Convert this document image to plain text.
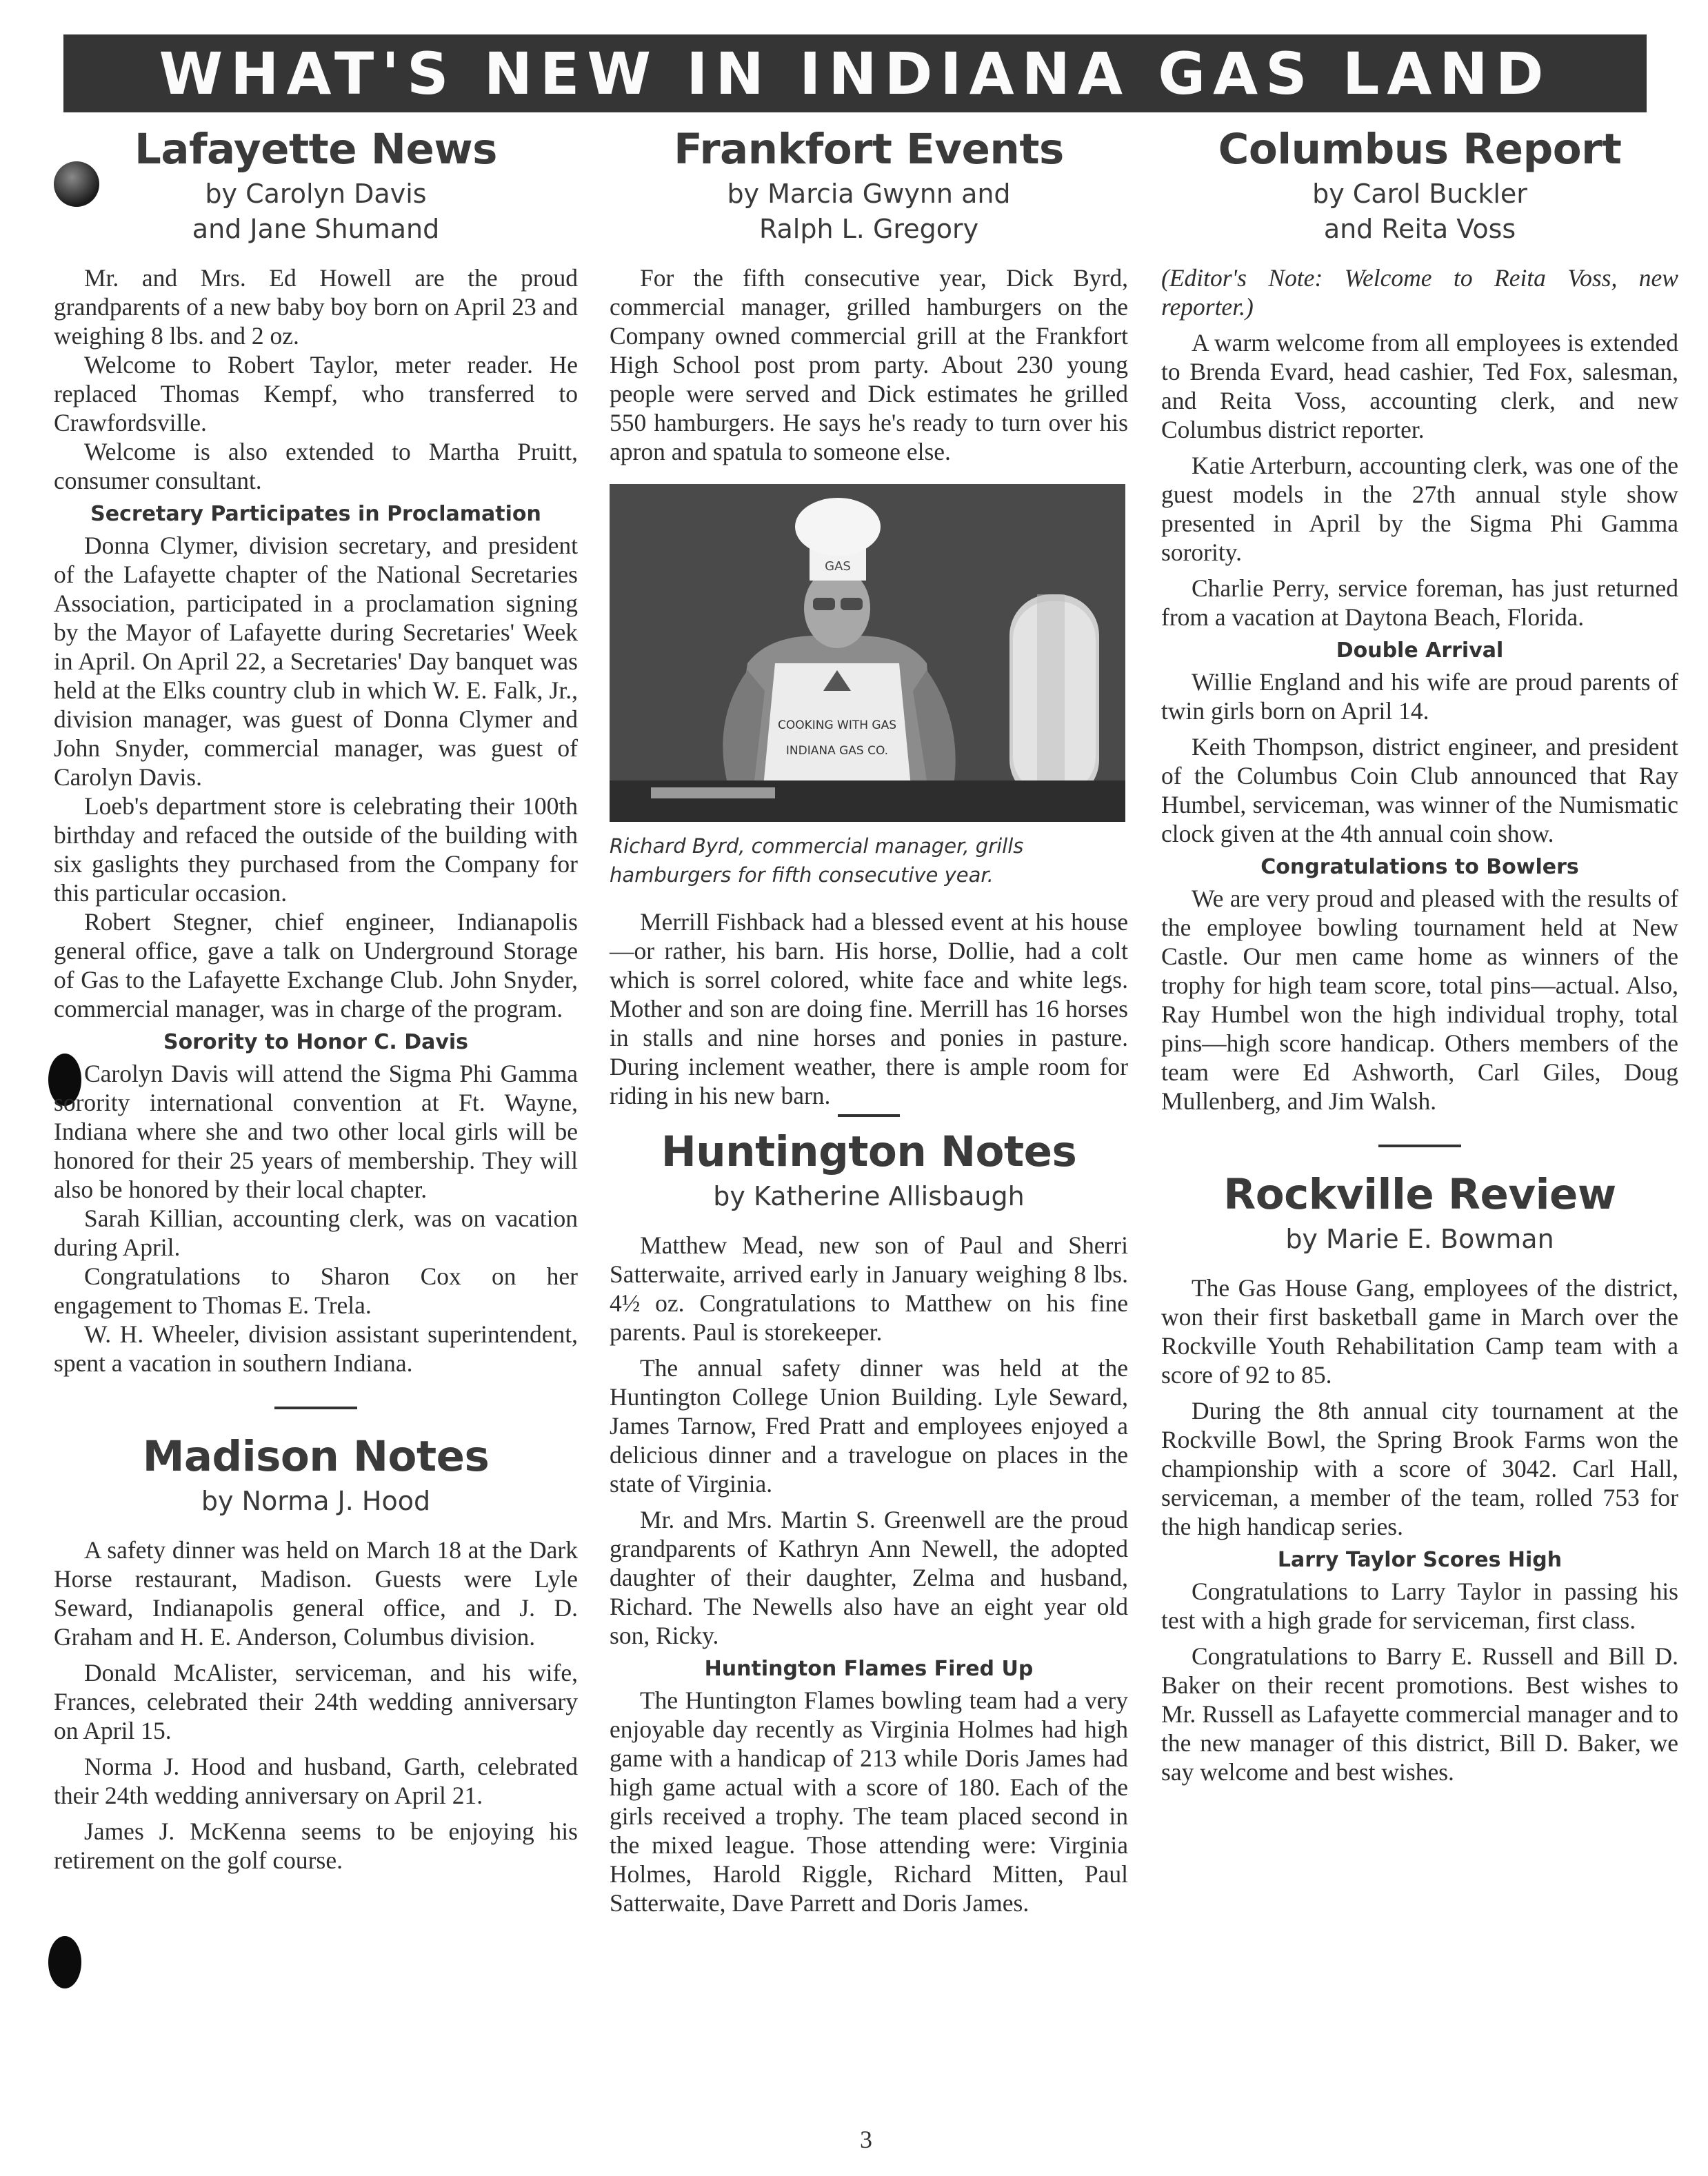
WHAT'S NEW IN INDIANA GAS LAND
Lafayette News
by Carolyn Davis
and Jane Shumand

Mr. and Mrs. Ed Howell are the proud grandparents of a new baby boy born on April 23 and weighing 8 lbs. and 2 oz.

Welcome to Robert Taylor, meter reader. He replaced Thomas Kempf, who transferred to Crawfordsville.

Welcome is also extended to Martha Pruitt, consumer consultant.

Secretary Participates in Proclamation

Donna Clymer, division secretary, and president of the Lafayette chapter of the National Secretaries Association, participated in a proclamation signing by the Mayor of Lafayette during Secretaries' Week in April. On April 22, a Secretaries' Day banquet was held at the Elks country club in which W. E. Falk, Jr., division manager, was guest of Donna Clymer and John Snyder, commercial manager, was guest of Carolyn Davis.

Loeb's department store is celebrating their 100th birthday and refaced the outside of the building with six gaslights they purchased from the Company for this particular occasion.

Robert Stegner, chief engineer, Indianapolis general office, gave a talk on Underground Storage of Gas to the Lafayette Exchange Club. John Snyder, commercial manager, was in charge of the program.

Sorority to Honor C. Davis

Carolyn Davis will attend the Sigma Phi Gamma sorority international convention at Ft. Wayne, Indiana where she and two other local girls will be honored for their 25 years of membership. They will also be honored by their local chapter.

Sarah Killian, accounting clerk, was on vacation during April.

Congratulations to Sharon Cox on her engagement to Thomas E. Trela.

W. H. Wheeler, division assistant superintendent, spent a vacation in southern Indiana.

Madison Notes
by Norma J. Hood

A safety dinner was held on March 18 at the Dark Horse restaurant, Madison. Guests were Lyle Seward, Indianapolis general office, and J. D. Graham and H. E. Anderson, Columbus division.

Donald McAlister, serviceman, and his wife, Frances, celebrated their 24th wedding anniversary on April 15.

Norma J. Hood and husband, Garth, celebrated their 24th wedding anniversary on April 21.

James J. McKenna seems to be enjoying his retirement on the golf course.

Frankfort Events
by Marcia Gwynn and
Ralph L. Gregory

For the fifth consecutive year, Dick Byrd, commercial manager, grilled hamburgers on the Company owned commercial grill at the Frankfort High School post prom party. About 230 young people were served and Dick estimates he grilled 550 hamburgers. He says he's ready to turn over his apron and spatula to someone else.

COOKING WITH GAS
INDIANA GAS CO.
GAS
Richard Byrd, commercial manager, grills hamburgers for fifth consecutive year.

Merrill Fishback had a blessed event at his house—or rather, his barn. His horse, Dollie, had a colt which is sorrel colored, white face and white legs. Mother and son are doing fine. Merrill has 16 horses in stalls and nine horses and ponies in pasture. During inclement weather, there is ample room for riding in his new barn.

Huntington Notes
by Katherine Allisbaugh

Matthew Mead, new son of Paul and Sherri Satterwaite, arrived early in January weighing 8 lbs. 4½ oz. Congratulations to Matthew on his fine parents. Paul is storekeeper.

The annual safety dinner was held at the Huntington College Union Building. Lyle Seward, James Tarnow, Fred Pratt and employees enjoyed a delicious dinner and a travelogue on places in the state of Virginia.

Mr. and Mrs. Martin S. Greenwell are the proud grandparents of Kathryn Ann Newell, the adopted daughter of their daughter, Zelma and husband, Richard. The Newells also have an eight year old son, Ricky.

Huntington Flames Fired Up

The Huntington Flames bowling team had a very enjoyable day recently as Virginia Holmes had high game with a handicap of 213 while Doris James had high game actual with a score of 180. Each of the girls received a trophy. The team placed second in the mixed league. Those attending were: Virginia Holmes, Harold Riggle, Richard Mitten, Paul Satterwaite, Dave Parrett and Doris James.

Columbus Report
by Carol Buckler
and Reita Voss

(Editor's Note: Welcome to Reita Voss, new reporter.)

A warm welcome from all employees is extended to Brenda Evard, head cashier, Ted Fox, salesman, and Reita Voss, accounting clerk, and new Columbus district reporter.

Katie Arterburn, accounting clerk, was one of the guest models in the 27th annual style show presented in April by the Sigma Phi Gamma sorority.

Charlie Perry, service foreman, has just returned from a vacation at Daytona Beach, Florida.

Double Arrival

Willie England and his wife are proud parents of twin girls born on April 14.

Keith Thompson, district engineer, and president of the Columbus Coin Club announced that Ray Humbel, serviceman, was winner of the Numismatic clock given at the 4th annual coin show.

Congratulations to Bowlers

We are very proud and pleased with the results of the employee bowling tournament held at New Castle. Our men came home as winners of the trophy for high team score, total pins—actual. Also, Ray Humbel won the high individual trophy, total pins—high score handicap. Others members of the team were Ed Ashworth, Carl Giles, Doug Mullenberg, and Jim Walsh.

Rockville Review
by Marie E. Bowman

The Gas House Gang, employees of the district, won their first basketball game in March over the Rockville Youth Rehabilitation Camp team with a score of 92 to 85.

During the 8th annual city tournament at the Rockville Bowl, the Spring Brook Farms won the championship with a score of 3042. Carl Hall, serviceman, a member of the team, rolled 753 for the high handicap series.

Larry Taylor Scores High

Congratulations to Larry Taylor in passing his test with a high grade for serviceman, first class.

Congratulations to Barry E. Russell and Bill D. Baker on their recent promotions. Best wishes to Mr. Russell as Lafayette commercial manager and to the new manager of this district, Bill D. Baker, we say welcome and best wishes.

3
